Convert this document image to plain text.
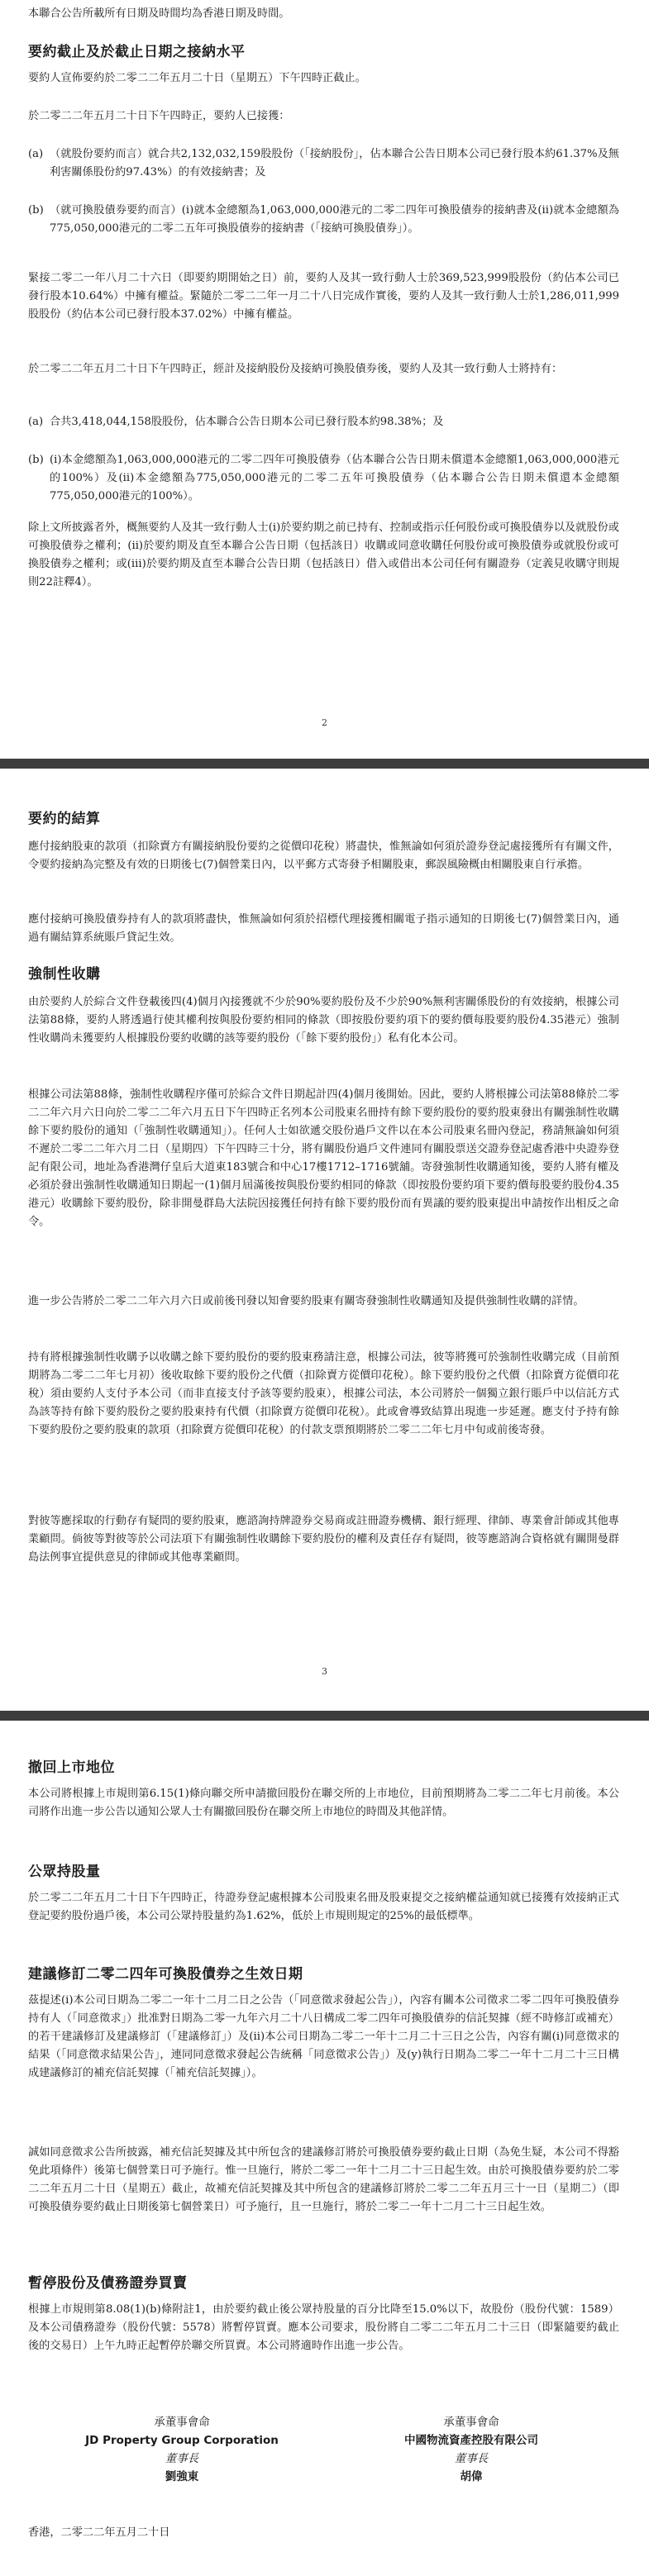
本聯合公告所載所有日期及時間均為香港日期及時間。

要約截止及於截止日期之接納水平

要約人宣佈要約於二零二二年五月二十日（星期五）下午四時正截止。

於二零二二年五月二十日下午四時正，要約人已接獲：

(a) （就股份要約而言）就合共2,132,032,159股股份（「接納股份」，佔本聯合公告日期本公司已發行股本約61.37%及無利害關係股份約97.43%）的有效接納書；及
(b) （就可換股債券要約而言）(i)就本金總額為1,063,000,000港元的二零二四年可換股債券的接納書及(ii)就本金總額為775,050,000港元的二零二五年可換股債券的接納書（「接納可換股債券」）。

緊接二零二一年八月二十六日（即要約期開始之日）前，要約人及其一致行動人士於369,523,999股股份（約佔本公司已發行股本10.64%）中擁有權益。緊隨於二零二二年一月二十八日完成作實後，要約人及其一致行動人士於1,286,011,999股股份（約佔本公司已發行股本37.02%）中擁有權益。

於二零二二年五月二十日下午四時正，經計及接納股份及接納可換股債券後，要約人及其一致行動人士將持有：

(a) 合共3,418,044,158股股份，佔本聯合公告日期本公司已發行股本約98.38%；及
(b) (i)本金總額為1,063,000,000港元的二零二四年可換股債券（佔本聯合公告日期未償還本金總額1,063,000,000港元的100%）及(ii)本金總額為775,050,000港元的二零二五年可換股債券（佔本聯合公告日期未償還本金總額775,050,000港元的100%）。

除上文所披露者外，概無要約人及其一致行動人士(i)於要約期之前已持有、控制或指示任何股份或可換股債券以及就股份或可換股債券之權利；(ii)於要約期及直至本聯合公告日期（包括該日）收購或同意收購任何股份或可換股債券或就股份或可換股債券之權利；或(iii)於要約期及直至本聯合公告日期（包括該日）借入或借出本公司任何有關證券（定義見收購守則規則22註釋4）。

2
要約的結算

應付接納股東的款項（扣除賣方有關接納股份要約之從價印花稅）將盡快，惟無論如何須於證券登記處接獲所有有關文件，令要約接納為完整及有效的日期後七(7)個營業日內，以平郵方式寄發予相關股東，郵誤風險概由相關股東自行承擔。

應付接納可換股債券持有人的款項將盡快，惟無論如何須於招標代理接獲相關電子指示通知的日期後七(7)個營業日內，通過有關結算系統賬戶貸記生效。

強制性收購

由於要約人於綜合文件登載後四(4)個月內接獲就不少於90%要約股份及不少於90%無利害關係股份的有效接納，根據公司法第88條，要約人將透過行使其權利按與股份要約相同的條款（即按股份要約項下的要約價每股要約股份4.35港元）強制性收購尚未獲要約人根據股份要約收購的該等要約股份（「餘下要約股份」）私有化本公司。

根據公司法第88條，強制性收購程序僅可於綜合文件日期起計四(4)個月後開始。因此，要約人將根據公司法第88條於二零二二年六月六日向於二零二二年六月五日下午四時正名列本公司股東名冊持有餘下要約股份的要約股東發出有關強制性收購餘下要約股份的通知（「強制性收購通知」）。任何人士如欲遞交股份過戶文件以在本公司股東名冊內登記，務請無論如何須不遲於二零二二年六月二日（星期四）下午四時三十分，將有關股份過戶文件連同有關股票送交證券登記處香港中央證券登記有限公司，地址為香港灣仔皇后大道東183號合和中心17樓1712–1716號舖。寄發強制性收購通知後，要約人將有權及必須於發出強制性收購通知日期起一(1)個月屆滿後按與股份要約相同的條款（即按股份要約項下要約價每股要約股份4.35港元）收購餘下要約股份，除非開曼群島大法院因接獲任何持有餘下要約股份而有異議的要約股東提出申請按作出相反之命令。

進一步公告將於二零二二年六月六日或前後刊發以知會要約股東有關寄發強制性收購通知及提供強制性收購的詳情。

持有將根據強制性收購予以收購之餘下要約股份的要約股東務請注意，根據公司法，彼等將獲可於強制性收購完成（目前預期將為二零二二年七月初）後收取餘下要約股份之代價（扣除賣方從價印花稅）。餘下要約股份之代價（扣除賣方從價印花稅）須由要約人支付予本公司（而非直接支付予該等要約股東），根據公司法，本公司將於一個獨立銀行賬戶中以信託方式為該等持有餘下要約股份之要約股東持有代價（扣除賣方從價印花稅）。此或會導致結算出現進一步延遲。應支付予持有餘下要約股份之要約股東的款項（扣除賣方從價印花稅）的付款支票預期將於二零二二年七月中旬或前後寄發。

對彼等應採取的行動存有疑問的要約股東，應諮詢持牌證券交易商或註冊證券機構、銀行經理、律師、專業會計師或其他專業顧問。倘彼等對彼等於公司法項下有關強制性收購餘下要約股份的權利及責任存有疑問，彼等應諮詢合資格就有關開曼群島法例事宜提供意見的律師或其他專業顧問。

3
撤回上市地位

本公司將根據上市規則第6.15(1)條向聯交所申請撤回股份在聯交所的上市地位，目前預期將為二零二二年七月前後。本公司將作出進一步公告以通知公眾人士有關撤回股份在聯交所上市地位的時間及其他詳情。

公眾持股量

於二零二二年五月二十日下午四時正，待證券登記處根據本公司股東名冊及股東提交之接納權益通知就已接獲有效接納正式登記要約股份過戶後，本公司公眾持股量約為1.62%，低於上市規則規定的25%的最低標準。

建議修訂二零二四年可換股債券之生效日期

茲提述(i)本公司日期為二零二一年十二月二日之公告（「同意徵求發起公告」），內容有關本公司徵求二零二四年可換股債券持有人（「同意徵求」）批准對日期為二零一九年六月二十八日構成二零二四年可換股債券的信託契據（經不時修訂或補充）的若干建議修訂及建議修訂（「建議修訂」）及(ii)本公司日期為二零二一年十二月二十三日之公告，內容有關(i)同意徵求的結果（「同意徵求結果公告」，連同同意徵求發起公告統稱「同意徵求公告」）及(y)執行日期為二零二一年十二月二十三日構成建議修訂的補充信託契據（「補充信託契據」）。

誠如同意徵求公告所披露，補充信託契據及其中所包含的建議修訂將於可換股債券要約截止日期（為免生疑，本公司不得豁免此項條件）後第七個營業日可予施行。惟一旦施行，將於二零二一年十二月二十三日起生效。由於可換股債券要約於二零二二年五月二十日（星期五）截止，故補充信託契據及其中所包含的建議修訂將於二零二二年五月三十一日（星期二）（即可換股債券要約截止日期後第七個營業日）可予施行，且一旦施行，將於二零二一年十二月二十三日起生效。

暫停股份及債務證券買賣

根據上市規則第8.08(1)(b)條附註1，由於要約截止後公眾持股量的百分比降至15.0%以下，故股份（股份代號：1589）及本公司債務證券（股份代號：5578）將暫停買賣。應本公司要求，股份將自二零二二年五月二十三日（即緊隨要約截止後的交易日）上午九時正起暫停於聯交所買賣。本公司將適時作出進一步公告。

承董事會命
JD Property Group Corporation
董事長
劉強東
承董事會命
中國物流資產控股有限公司
董事長
胡偉

香港，二零二二年五月二十日
